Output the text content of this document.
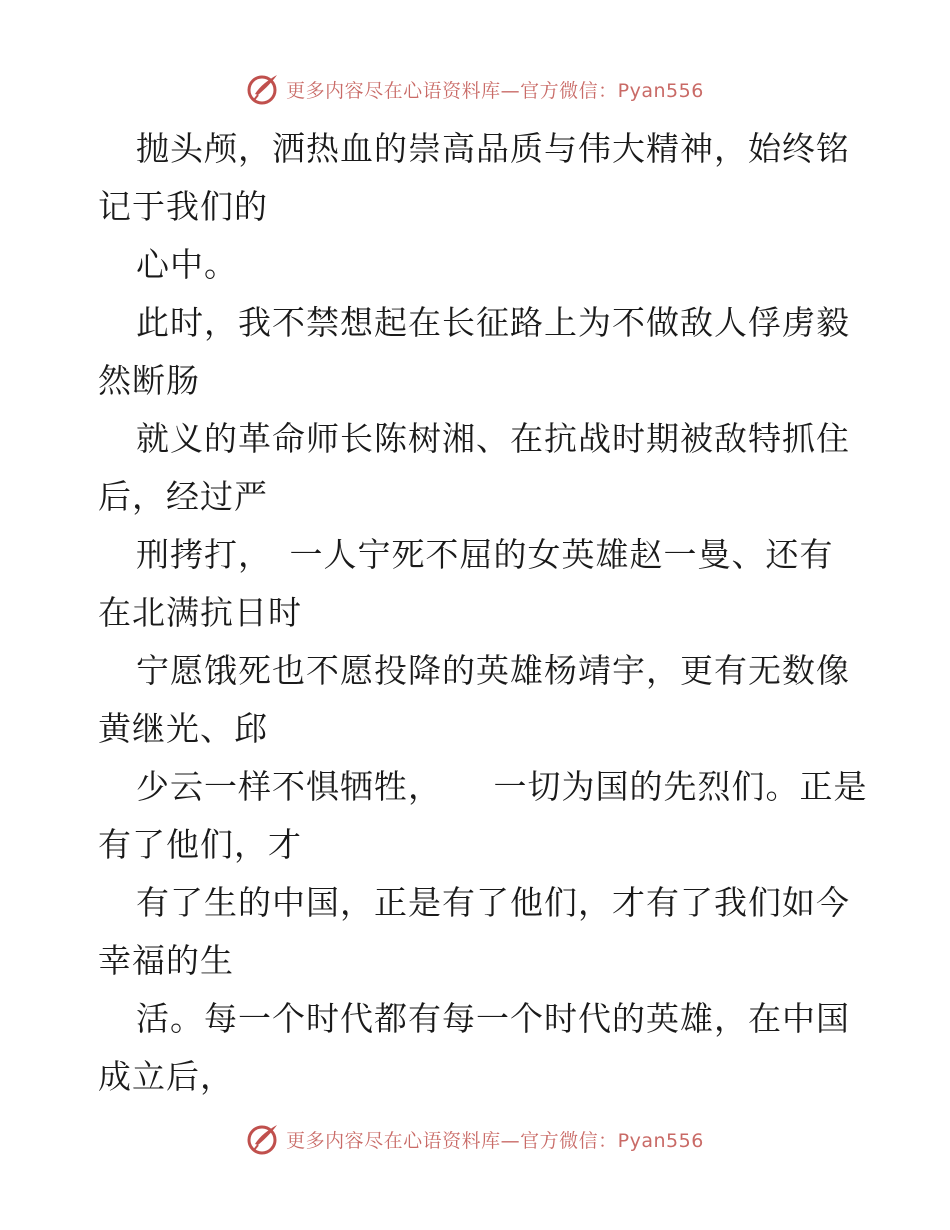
更多内容尽在心语资料库—官方微信：Pyan556
抛头颅，洒热血的崇高品质与伟大精神，始终铭
记于我们的
心中。
此时，我不禁想起在长征路上为不做敌人俘虏毅
然断肠
就义的革命师长陈树湘、在抗战时期被敌特抓住
后，经过严
刑拷打，　一人宁死不屈的女英雄赵一曼、还有
在北满抗日时
宁愿饿死也不愿投降的英雄杨靖宇，更有无数像
黄继光、邱
少云一样不惧牺牲，　　一切为国的先烈们。正是
有了他们，才
有了生的中国，正是有了他们，才有了我们如今
幸福的生
活。每一个时代都有每一个时代的英雄，在中国
成立后，
更多内容尽在心语资料库—官方微信：Pyan556
